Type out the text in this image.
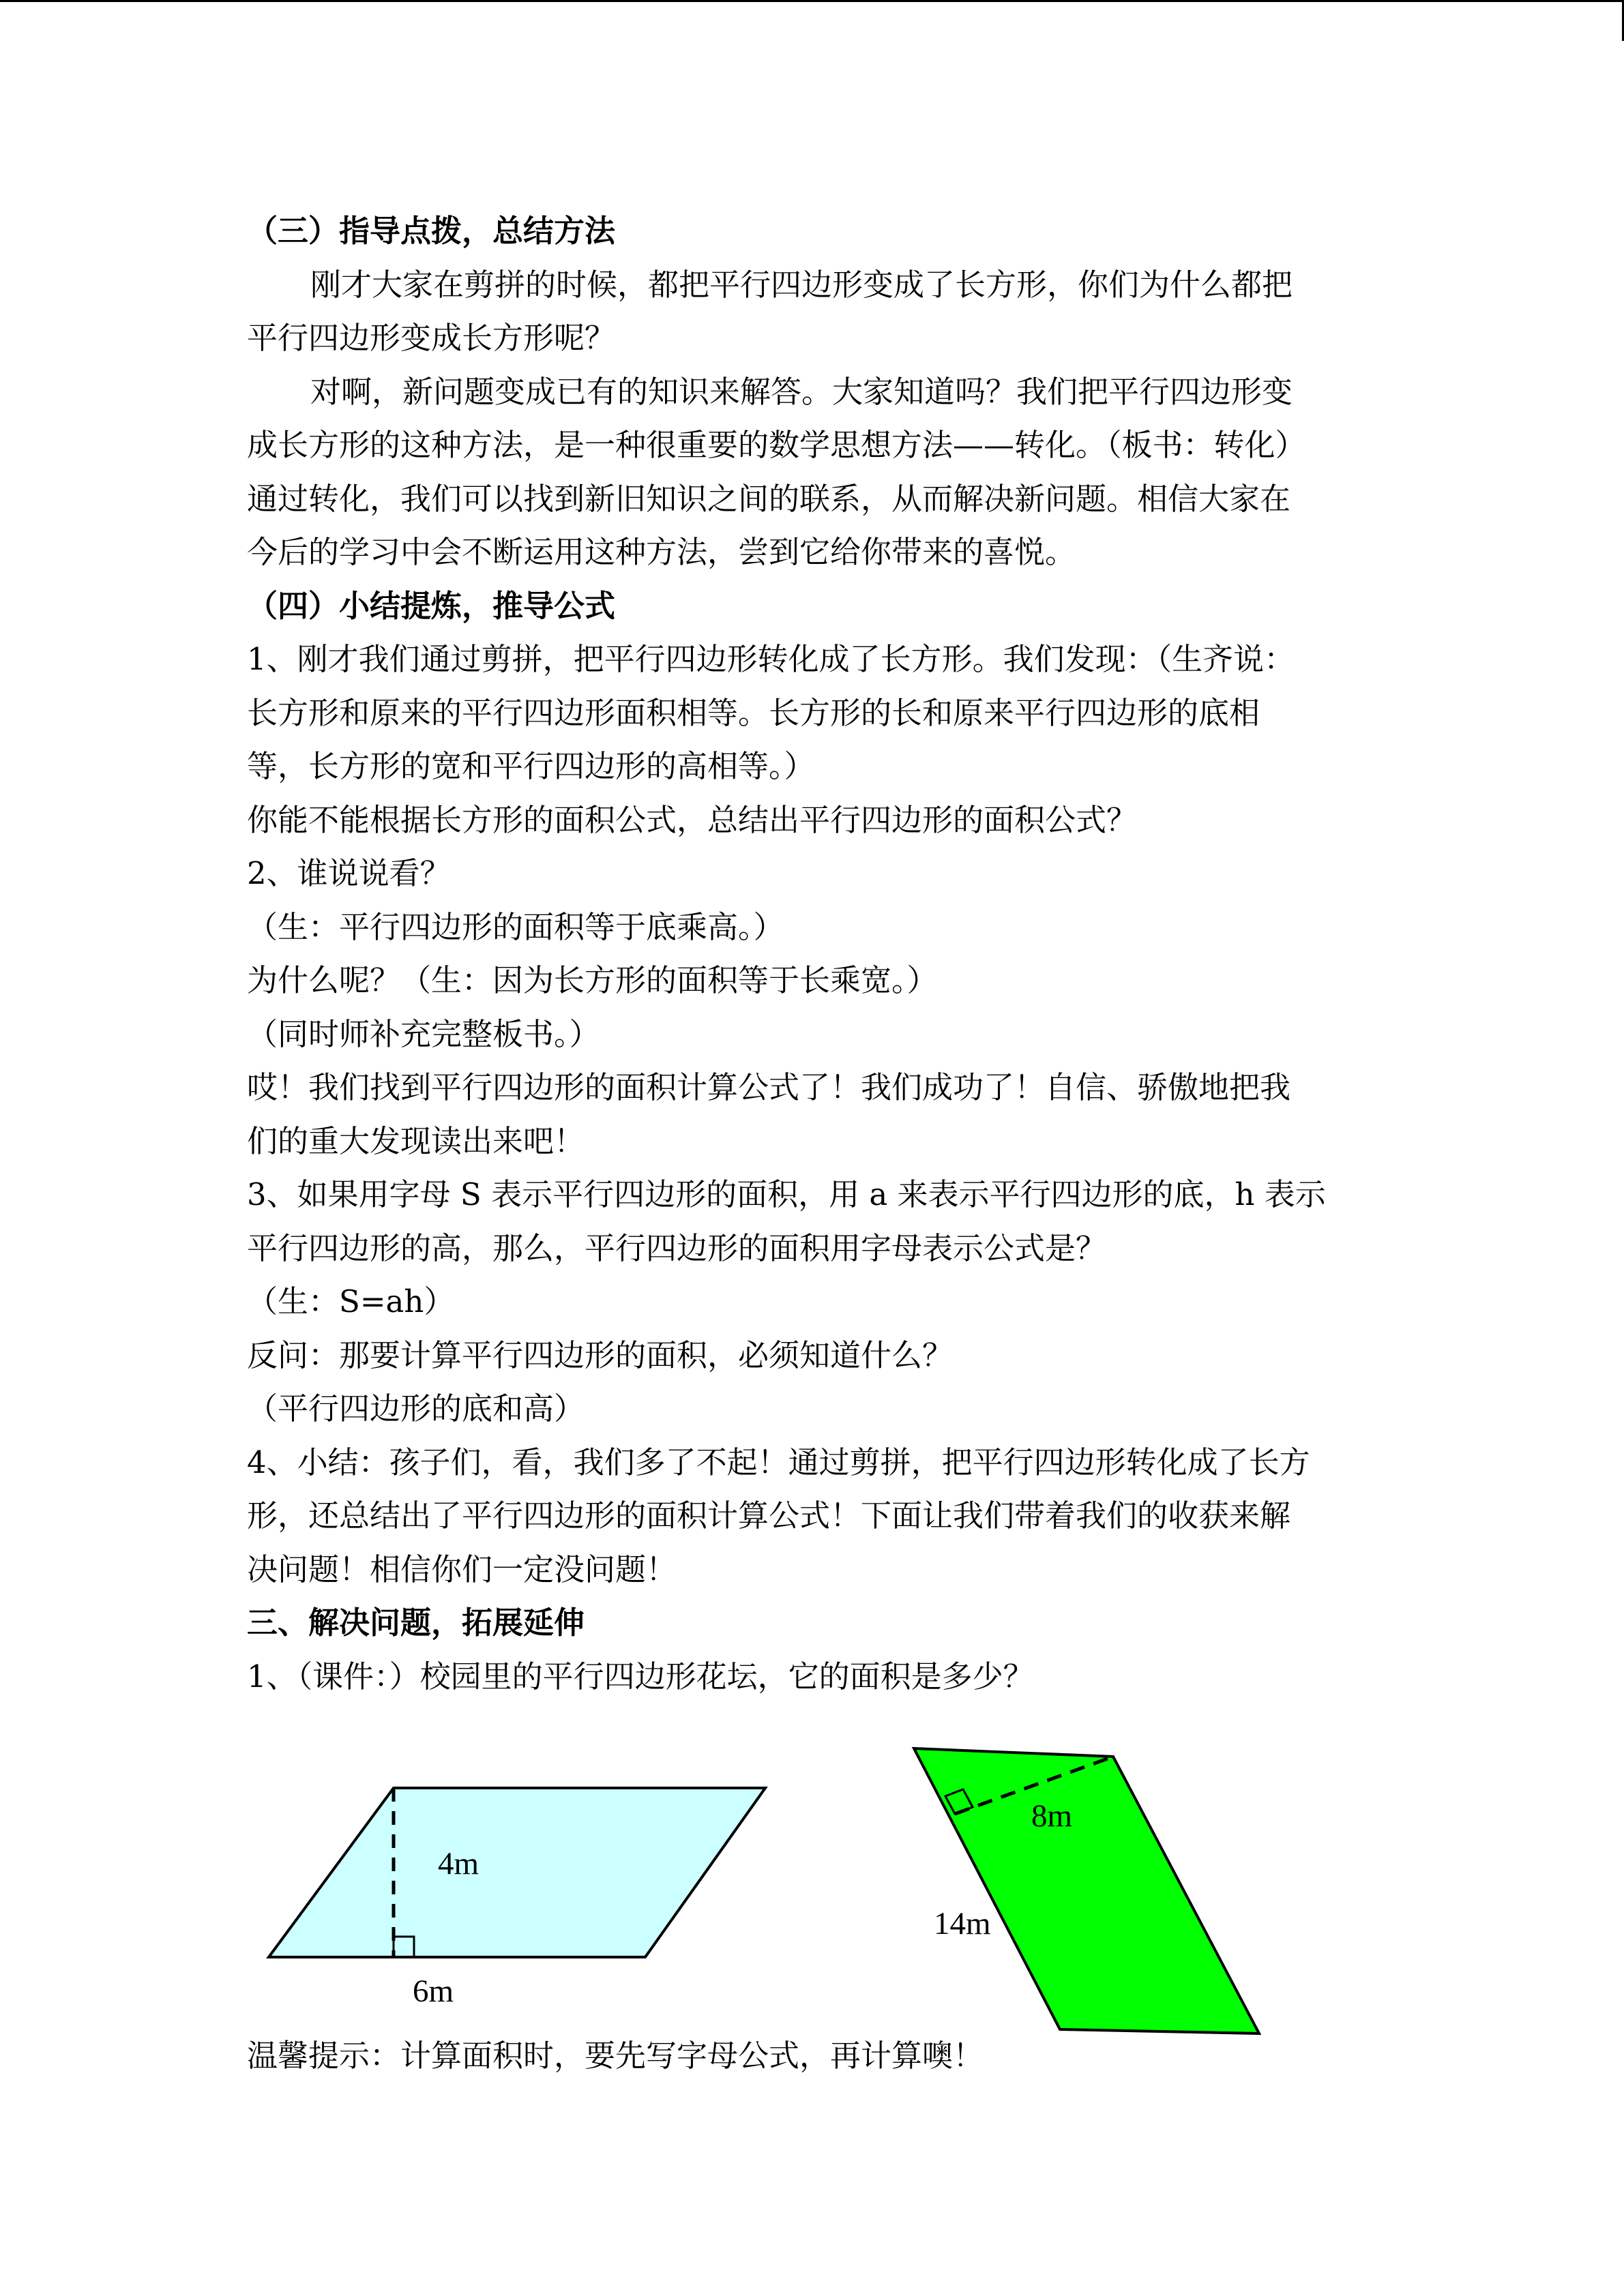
（三）指导点拨，总结方法
刚才大家在剪拼的时候，都把平行四边形变成了长方形，你们为什么都把
平行四边形变成长方形呢？
对啊，新问题变成已有的知识来解答。大家知道吗？我们把平行四边形变
成长方形的这种方法，是一种很重要的数学思想方法——转化。（板书：转化）
通过转化，我们可以找到新旧知识之间的联系，从而解决新问题。相信大家在
今后的学习中会不断运用这种方法，尝到它给你带来的喜悦。
（四）小结提炼，推导公式
1、刚才我们通过剪拼，把平行四边形转化成了长方形。我们发现：（生齐说：
长方形和原来的平行四边形面积相等。长方形的长和原来平行四边形的底相
等，长方形的宽和平行四边形的高相等。）
你能不能根据长方形的面积公式，总结出平行四边形的面积公式？
2、谁说说看？
（生：平行四边形的面积等于底乘高。）
为什么呢？（生：因为长方形的面积等于长乘宽。）
（同时师补充完整板书。）
哎！我们找到平行四边形的面积计算公式了！我们成功了！自信、骄傲地把我
们的重大发现读出来吧！
3、如果用字母 S 表示平行四边形的面积，用 a 来表示平行四边形的底，h 表示
平行四边形的高，那么，平行四边形的面积用字母表示公式是？
（生：S=ah）
反问：那要计算平行四边形的面积，必须知道什么？
（平行四边形的底和高）
4、小结：孩子们，看，我们多了不起！通过剪拼，把平行四边形转化成了长方
形，还总结出了平行四边形的面积计算公式！下面让我们带着我们的收获来解
决问题！相信你们一定没问题！
三、解决问题，拓展延伸
1、（课件：）校园里的平行四边形花坛，它的面积是多少？
4m
6m
8m
14m
温馨提示：计算面积时，要先写字母公式，再计算噢！
